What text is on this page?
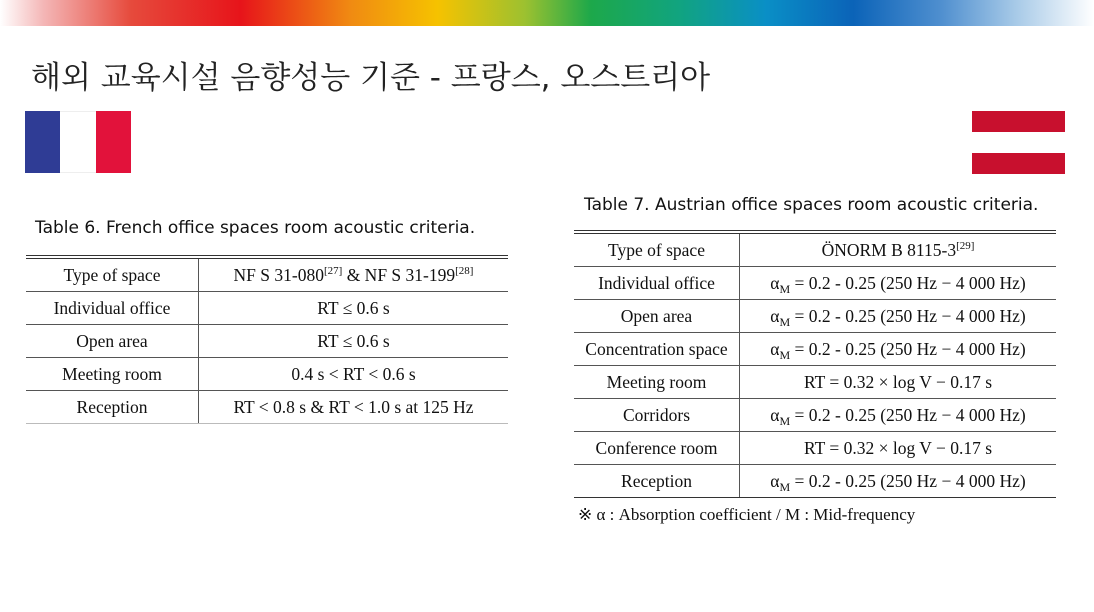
해외 교육시설 음향성능 기준 - 프랑스, 오스트리아

Table 6. French office spaces room acoustic criteria.

Type of space	NF S 31-080[27] & NF S 31-199[28]
Individual office	RT ≤ 0.6 s
Open area	RT ≤ 0.6 s
Meeting room	0.4 s < RT < 0.6 s
Reception	RT < 0.8 s & RT < 1.0 s at 125 Hz

Table 7. Austrian office spaces room acoustic criteria.

Type of space	ÖNORM B 8115-3[29]
Individual office	$\alpha_M = 0.2 - 0.25$ (250 Hz − 4 000 Hz)
Open area	$\alpha_M = 0.2 - 0.25$ (250 Hz − 4 000 Hz)
Concentration space	$\alpha_M = 0.2 - 0.25$ (250 Hz − 4 000 Hz)
Meeting room	RT = 0.32 × log V − 0.17 s
Corridors	$\alpha_M = 0.2 - 0.25$ (250 Hz − 4 000 Hz)
Conference room	RT = 0.32 × log V − 0.17 s
Reception	$\alpha_M = 0.2 - 0.25$ (250 Hz − 4 000 Hz)

※ α : Absorption coefficient / M : Mid-frequency
